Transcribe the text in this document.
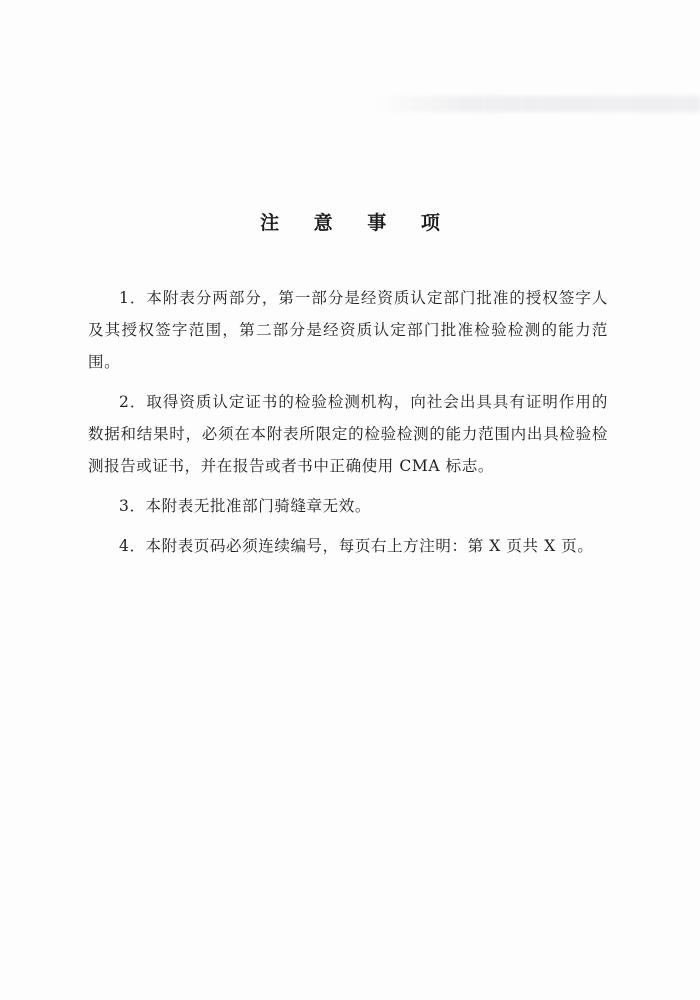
注 意 事 项

1．本附表分两部分，第一部分是经资质认定部门批准的授权签字人及其授权签字范围，第二部分是经资质认定部门批准检验检测的能力范围。

2．取得资质认定证书的检验检测机构，向社会出具具有证明作用的数据和结果时，必须在本附表所限定的检验检测的能力范围内出具检验检测报告或证书，并在报告或者书中正确使用 CMA 标志。

3．本附表无批准部门骑缝章无效。

4．本附表页码必须连续编号，每页右上方注明：第 X 页共 X 页。
